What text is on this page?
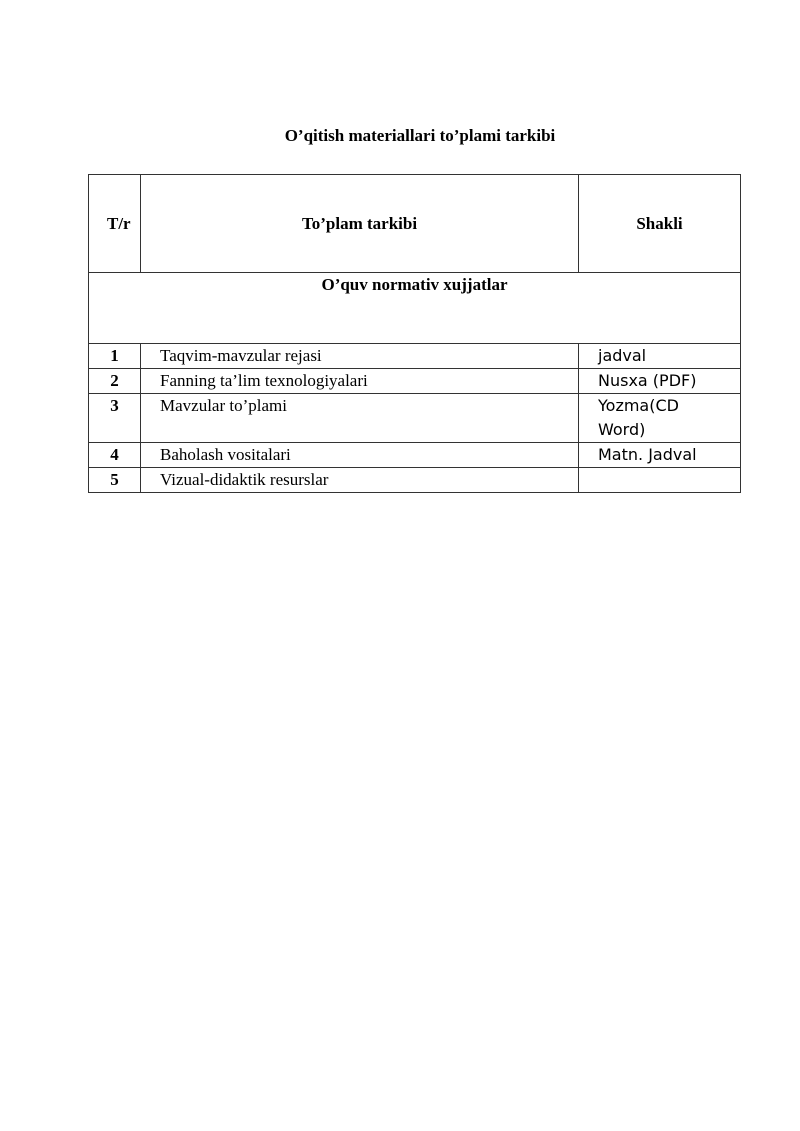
O’qitish materiallari to’plami tarkibi
T/r	To’plam tarkibi	Shakli

O’quv normativ xujjatlar		
1	Taqvim-mavzular rejasi	jadval
2	Fanning ta’lim texnologiyalari	Nusxa (PDF)
3	Mavzular to’plami	Yozma(CD Word)
4	Baholash vositalari	Matn. Jadval
5	Vizual-didaktik resurslar	
